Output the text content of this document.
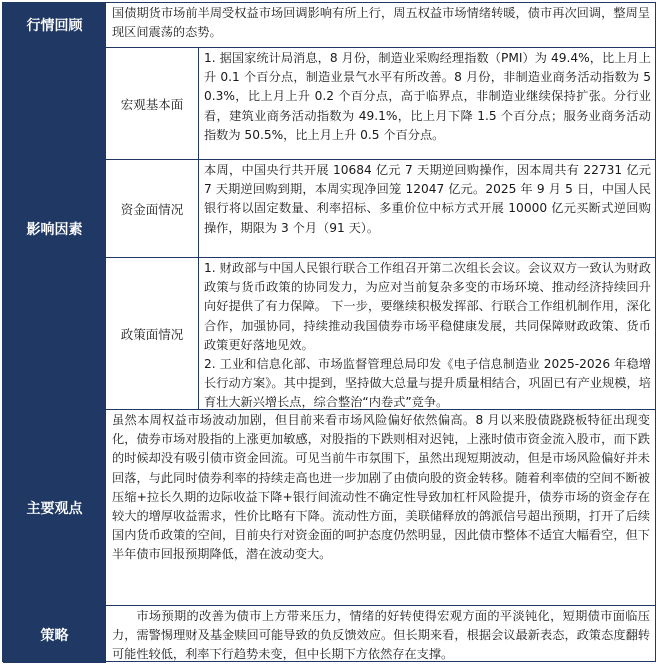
行情回顾
国债期货市场前半周受权益市场回调影响有所上行，周五权益市场情绪转暖，债市再次回调，整周呈现区间震荡的态势。
影响因素
宏观基本面
1. 据国家统计局消息，8 月份，制造业采购经理指数（PMI）为 49.4%，比上月上升 0.1 个百分点，制造业景气水平有所改善。8 月份，非制造业商务活动指数为 50.3%，比上月上升 0.2 个百分点，高于临界点，非制造业继续保持扩张。分行业看，建筑业商务活动指数为 49.1%，比上月下降 1.5 个百分点；服务业商务活动指数为 50.5%，比上月上升 0.5 个百分点。
资金面情况
本周，中国央行共开展 10684 亿元 7 天期逆回购操作，因本周共有 22731 亿元 7 天期逆回购到期，本周实现净回笼 12047 亿元。2025 年 9 月 5 日，中国人民银行将以固定数量、利率招标、多重价位中标方式开展 10000 亿元买断式逆回购操作，期限为 3 个月（91 天）。
政策面情况

1. 财政部与中国人民银行联合工作组召开第二次组长会议。会议双方一致认为财政政策与货币政策的协同发力，为应对当前复杂多变的市场环境、推动经济持续回升向好提供了有力保障。 下一步，要继续积极发挥部、行联合工作组机制作用，深化合作，加强协同，持续推动我国债券市场平稳健康发展，共同保障财政政策、货币政策更好落地见效。

2. 工业和信息化部、市场监督管理总局印发《电子信息制造业 2025-2026 年稳增长行动方案》。其中提到，坚持做大总量与提升质量相结合，巩固已有产业规模，培育壮大新兴增长点，综合整治“内卷式”竞争。

主要观点
虽然本周权益市场波动加剧，但目前来看市场风险偏好依然偏高。8 月以来股债跷跷板特征出现变化，债券市场对股指的上涨更加敏感，对股指的下跌则相对迟钝，上涨时债市资金流入股市，而下跌的时候却没有吸引债市资金回流。可见当前牛市氛围下，虽然出现短期波动，但是市场风险偏好并未回落，与此同时债券利率的持续走高也进一步加剧了由债向股的资金转移。随着利率债的空间不断被压缩+拉长久期的边际收益下降+银行间流动性不确定性导致加杠杆风险提升，债券市场的资金存在较大的增厚收益需求，性价比略有下降。流动性方面，美联储释放的鸽派信号超出预期，打开了后续国内货币政策的空间，目前央行对资金面的呵护态度仍然明显，因此债市整体不适宜大幅看空，但下半年债市回报预期降低，潜在波动变大。
策略
市场预期的改善为债市上方带来压力，情绪的好转使得宏观方面的平淡钝化，短期债市面临压力，需警惕理财及基金赎回可能导致的负反馈效应。但长期来看，根据会议最新表态，政策态度翻转可能性较低，利率下行趋势未变，但中长期下方依然存在支撑。
